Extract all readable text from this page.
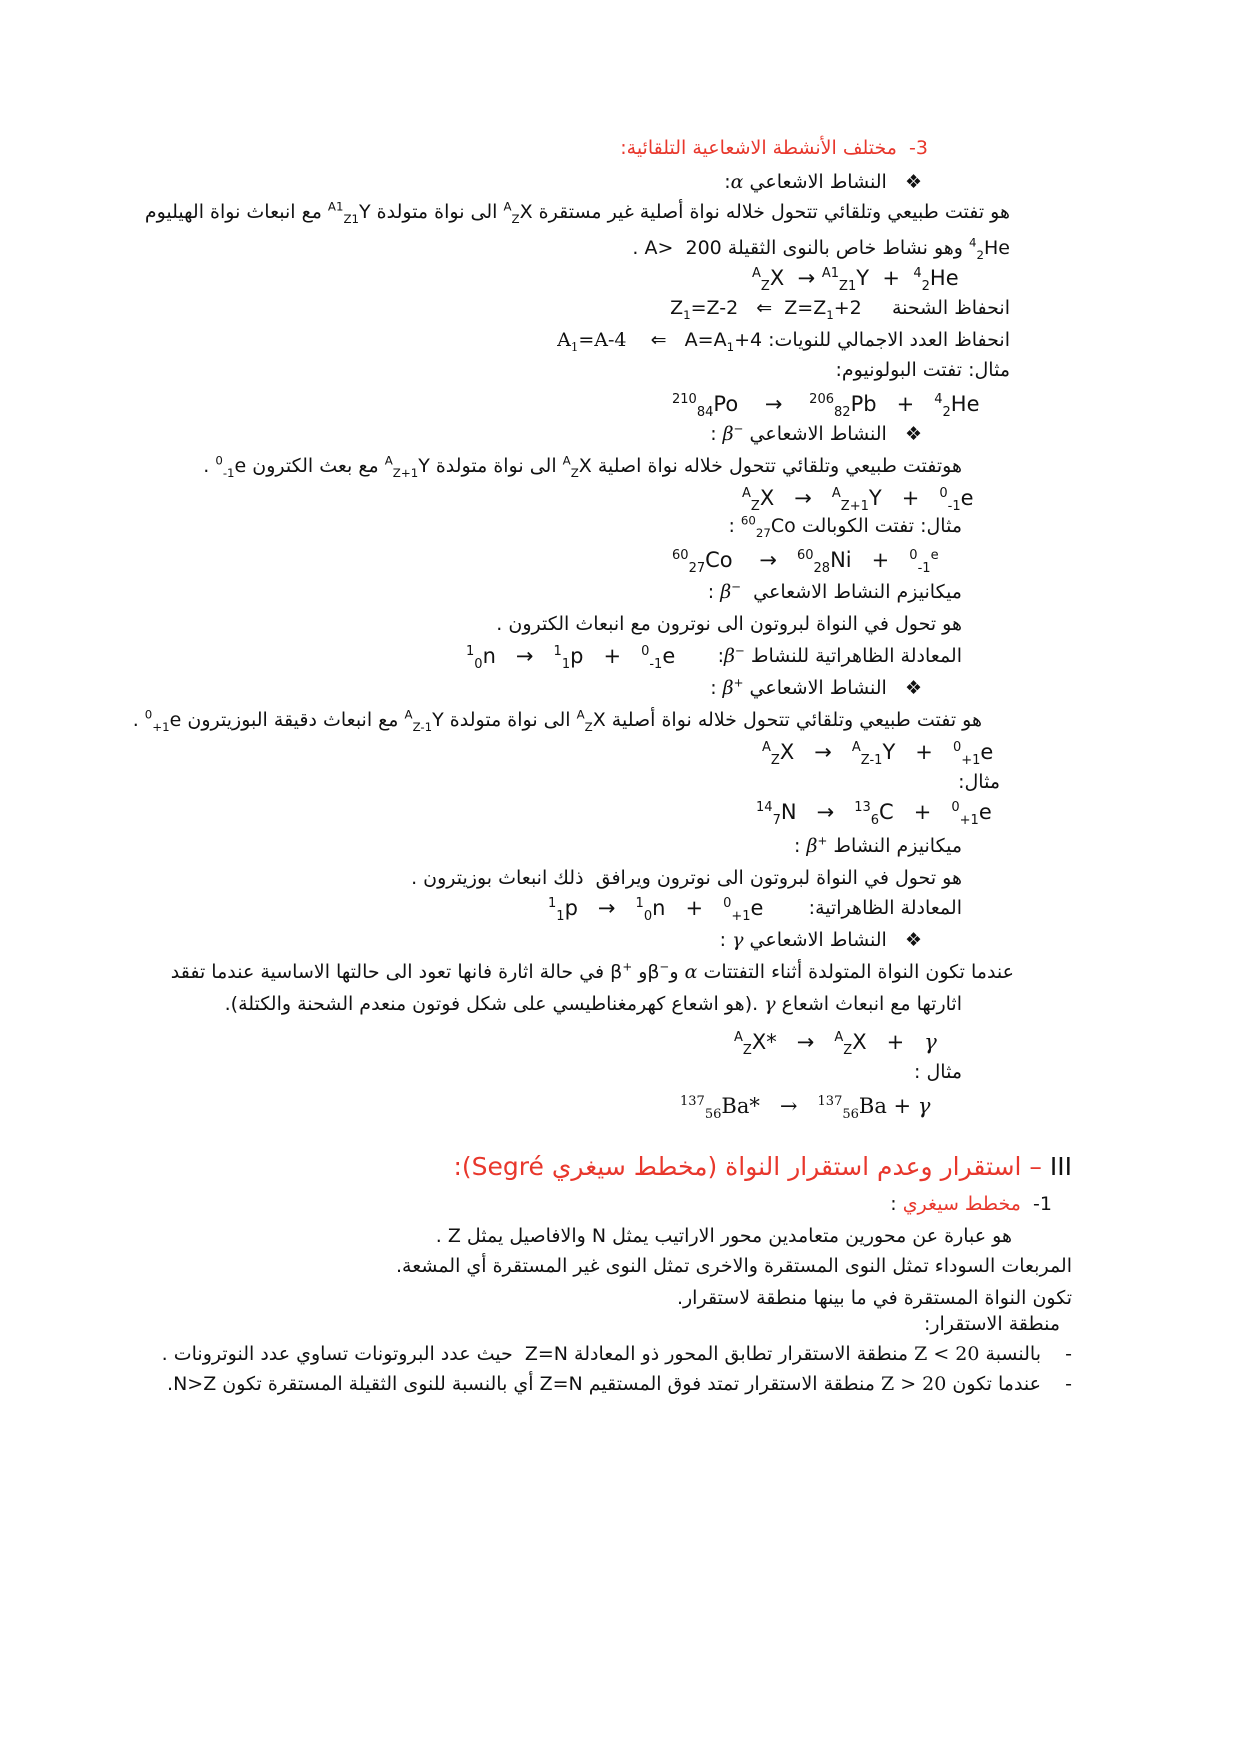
3-  مختلف الأنشطة الاشعاعية التلقائية:
❖   النشاط الاشعاعي α:
هو تفتت طبيعي وتلقائي تتحول خلاله نواة أصلية غير مستقرة $^A_Z$X الى نواة متولدة $^{A1}_{Z1}$Y مع انبعاث نواة الهيليوم
$^4_2$He وهو نشاط خاص بالنوى الثقيلة A>  200 .
$^A_Z$X  → $^{A1}_{Z1}$Y  +  $^4_2$He
انحفاظ الشحنة     $Z_1=Z-2$   ⇐  $Z=Z_1+2$
انحفاظ العدد الاجمالي للنويات: $A_1=A-4$    ⇐   $A=A_1+4$
مثال: تفتت البولونيوم:
$^{210}_{84}$Po    →    $^{206}_{82}$Pb   +   $^4_2$He
❖   النشاط الاشعاعي β− :
هوتفتت طبيعي وتلقائي تتحول خلاله نواة اصلية $^A_Z$X الى نواة متولدة $^A_{Z+1}$Y مع بعث الكترون $^0_{-1}$e .
$^A_Z$X   →   $^A_{Z+1}$Y   +   $^0_{-1}$e
مثال: تفتت الكوبالت $^{60}_{27}$Co :
$^{60}_{27}$Co    →   $^{60}_{28}$Ni   +   $^0_{-1}^e$
ميكانيزم النشاط الاشعاعي  β− :
هو تحول في النواة لبروتون الى نوترون مع انبعاث الكترون .
المعادلة الظاهراتية للنشاط β−:
$^1_0$n   →   $^1_1$p   +   $^0_{-1}$e
❖   النشاط الاشعاعي β+ :
هو تفتت طبيعي وتلقائي تتحول خلاله نواة أصلية $^A_Z$X الى نواة متولدة $^A_{Z-1}$Y مع انبعاث دقيقة البوزيترون $^0_{+1}$e .
$^A_Z$X   →   $^A_{Z-1}$Y   +   $^0_{+1}$e
مثال:
$^{14}_7$N   →   $^{13}_6$C   +   $^0_{+1}$e
ميكانيزم النشاط β+ :
هو تحول في النواة لبروتون الى نوترون ويرافق  ذلك انبعاث بوزيترون .
المعادلة الظاهراتية:
$^1_1$p   →   $^1_0$n   +   $^0_{+1}$e
❖   النشاط الاشعاعي γ :
عندما تكون النواة المتولدة أثناء التفتتات α وβ−و β+ في حالة اثارة فانها تعود الى حالتها الاساسية عندما تفقد
اثارتها مع انبعاث اشعاع γ .(هو اشعاع كهرمغناطيسي على شكل فوتون منعدم الشحنة والكتلة).
$^A_Z$X*   →   $^A_Z$X   +   γ
مثال :
$^{137}_{56}$Ba*   →   $^{137}_{56}$Ba + γ
III – استقرار وعدم استقرار النواة (مخطط سيغري Segré):
1-  مخطط سيغري :
هو عبارة عن محورين متعامدين محور الاراتيب يمثل N والافاصيل يمثل Z .
المربعات السوداء تمثل النوى المستقرة والاخرى تمثل النوى غير المستقرة أي المشعة.
تكون النواة المستقرة في ما بينها منطقة لاستقرار.
منطقة الاستقرار:
-    بالنسبة Z < 20 منطقة الاستقرار تطابق المحور ذو المعادلة Z=N  حيث عدد البروتونات تساوي عدد النوترونات .
-    عندما تكون Z > 20 منطقة الاستقرار تمتد فوق المستقيم Z=N أي بالنسبة للنوى الثقيلة المستقرة تكون N>Z.
